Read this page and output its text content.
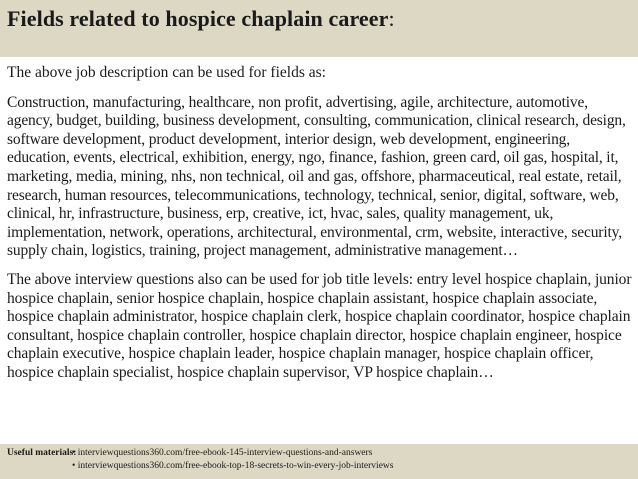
Fields related to hospice chaplain career:

The above job description can be used for fields as:

Construction, manufacturing, healthcare, non profit, advertising, agile, architecture, automotive, agency, budget, building, business development, consulting, communication, clinical research, design, software development, product development, interior design, web development, engineering, education, events, electrical, exhibition, energy, ngo, finance, fashion, green card, oil gas, hospital, it, marketing, media, mining, nhs, non technical, oil and gas, offshore, pharmaceutical, real estate, retail, research, human resources, telecommunications, technology, technical, senior, digital, software, web, clinical, hr, infrastructure, business, erp, creative, ict, hvac, sales, quality management, uk, implementation, network, operations, architectural, environmental, crm, website, interactive, security, supply chain, logistics, training, project management, administrative management…

The above interview questions also can be used for job title levels: entry level hospice chaplain, junior hospice chaplain, senior hospice chaplain, hospice chaplain assistant, hospice chaplain associate, hospice chaplain administrator, hospice chaplain clerk, hospice chaplain coordinator, hospice chaplain consultant, hospice chaplain controller, hospice chaplain director, hospice chaplain engineer, hospice chaplain executive, hospice chaplain leader, hospice chaplain manager, hospice chaplain officer, hospice chaplain specialist, hospice chaplain supervisor, VP hospice chaplain…

Useful materials:• interviewquestions360.com/free-ebook-145-interview-questions-and-answers
• interviewquestions360.com/free-ebook-top-18-secrets-to-win-every-job-interviews
